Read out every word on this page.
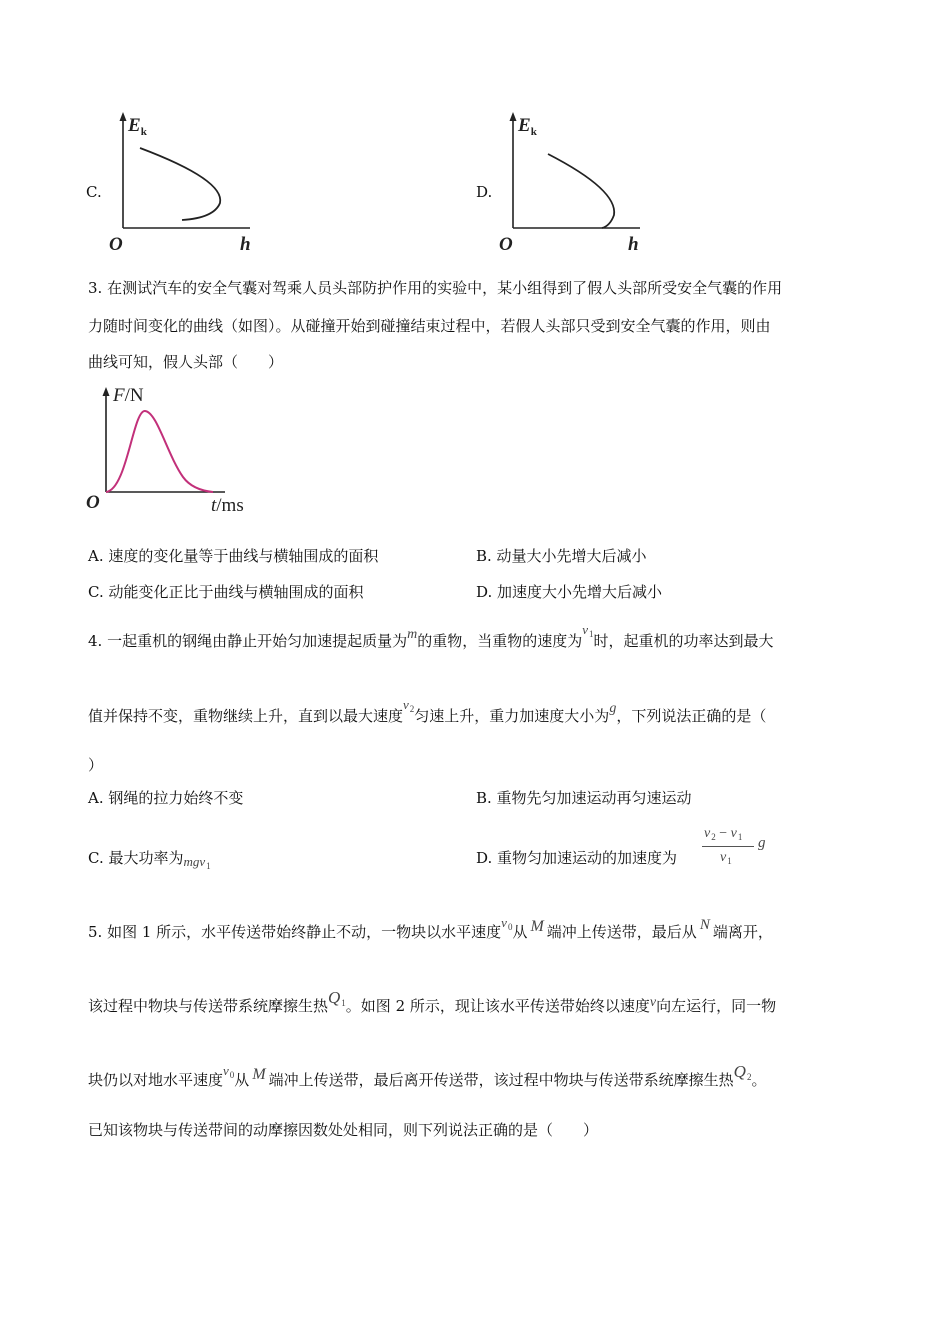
C.
$E_k$
O	h
D.
$E_k$
O	h
3. 在测试汽车的安全气囊对驾乘人员头部防护作用的实验中，某小组得到了假人头部所受安全气囊的作用
力随时间变化的曲线（如图）。从碰撞开始到碰撞结束过程中，若假人头部只受到安全气囊的作用，则由
曲线可知，假人头部（　　）
F/N
O	t/ms
A. 速度的变化量等于曲线与横轴围成的面积	B. 动量大小先增大后减小
C. 动能变化正比于曲线与横轴围成的面积	D. 加速度大小先增大后减小
4. 一起重机的钢绳由静止开始匀加速提起质量为m的重物，当重物的速度为$v_1$时，起重机的功率达到最大
值并保持不变，重物继续上升，直到以最大速度$v_2$匀速上升，重力加速度大小为g，下列说法正确的是（
）
A. 钢绳的拉力始终不变	B. 重物先匀加速运动再匀速运动
C. 最大功率为mgv$_1$	D. 重物匀加速运动的加速度为
$v_2 - v_1$
$v_1$
g
5. 如图 1 所示，水平传送带始终静止不动，一物块以水平速度$v_0$从 M 端冲上传送带，最后从 N 端离开，
该过程中物块与传送带系统摩擦生热$Q_1$。如图 2 所示，现让该水平传送带始终以速度v向左运行，同一物
块仍以对地水平速度$v_0$从 M 端冲上传送带，最后离开传送带，该过程中物块与传送带系统摩擦生热$Q_2$。
已知该物块与传送带间的动摩擦因数处处相同，则下列说法正确的是（　　）
